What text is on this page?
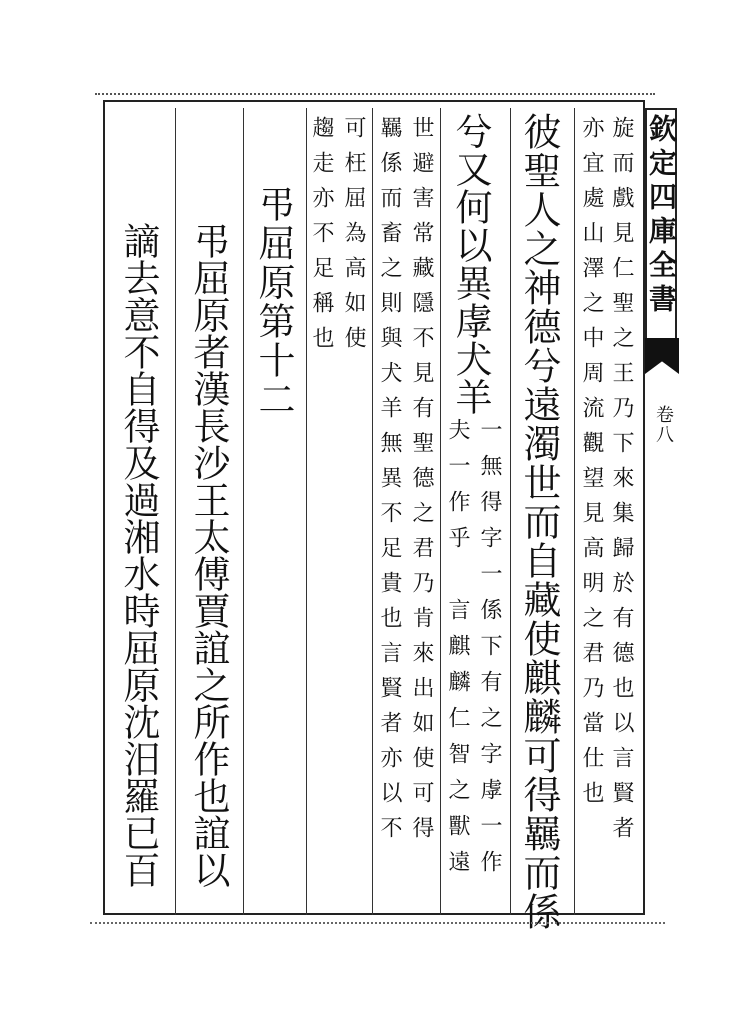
旋而戲見仁聖之王乃下來集歸於有德也以言賢者
亦宜處山澤之中周流觀望見高明之君乃當仕也
彼聖人之神德兮遠濁世而自藏使麒麟可得羈而係
兮又何以異虖犬羊
一無得字一係下有之字虖一作
夫一作乎　言麒麟仁智之獸遠
世避害常藏隱不見有聖德之君乃肯來出如使可得
羈係而畜之則與犬羊無異不足貴也言賢者亦以不
可枉屈為高如使
趨走亦不足稱也
弔屈原第十二
弔屈原者漢長沙王太傅賈誼之所作也誼以
謫去意不自得及過湘水時屈原沈汨羅已百
欽定四庫全書
卷八
